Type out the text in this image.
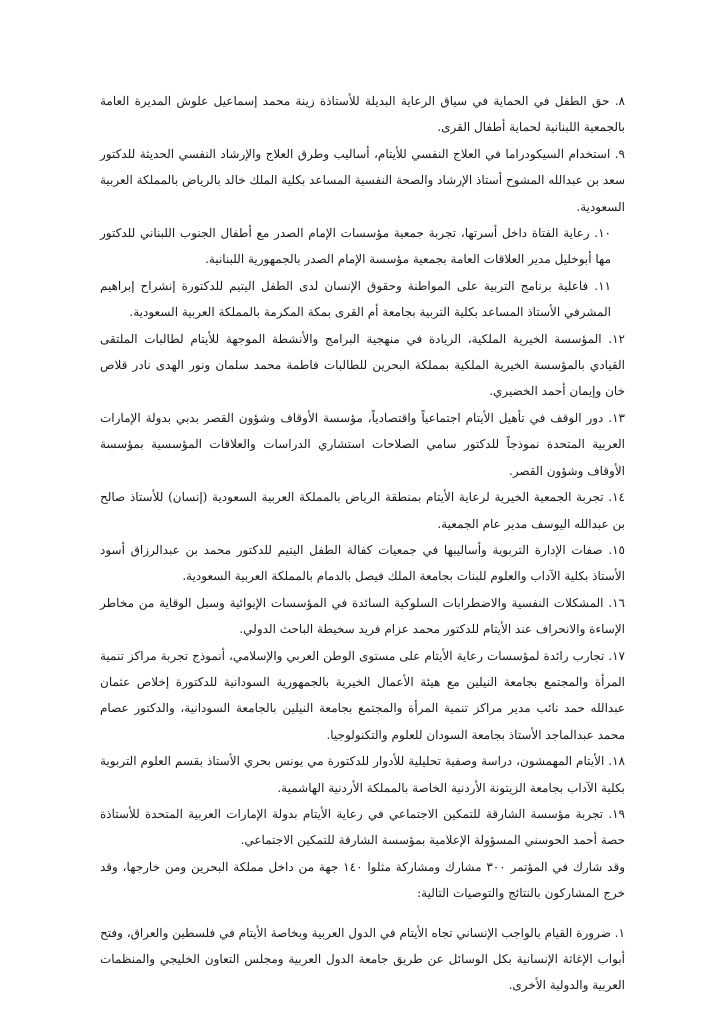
٨. حق الطفل في الحماية في سياق الرعاية البديلة للأستاذة زينة محمد إسماعيل علوش المديرة العامة بالجمعية اللبنانية لحماية أطفال القرى.

٩. استخدام السيكودراما في العلاج النفسي للأيتام، أساليب وطرق العلاج والإرشاد النفسي الحديثة للدكتور سعد بن عبدالله المشوح أستاذ الإرشاد والصحة النفسية المساعد بكلية الملك خالد بالرياض بالمملكة العربية السعودية.

١٠. رعاية الفتاة داخل أسرتها، تجربة جمعية مؤسسات الإمام الصدر مع أطفال الجنوب اللبناني للدكتور مها أبوخليل مدير العلاقات العامة بجمعية مؤسسة الإمام الصدر بالجمهورية اللبنانية.

١١. فاعلية برنامج التربية على المواطنة وحقوق الإنسان لدى الطفل اليتيم للدكتورة إنشراح إبراهيم المشرفي الأستاذ المساعد بكلية التربية بجامعة أم القرى بمكة المكرمة بالمملكة العربية السعودية.

١٢. المؤسسة الخيرية الملكية، الريادة في منهجية البرامج والأنشطة الموجهة للأيتام لطالبات الملتقى القيادي بالمؤسسة الخيرية الملكية بمملكة البحرين للطالبات فاطمة محمد سلمان ونور الهدى نادر قلاص خان وإيمان أحمد الخضيري.

١٣. دور الوقف في تأهيل الأيتام اجتماعياً واقتصادياً، مؤسسة الأوقاف وشؤون القصر بدبي بدولة الإمارات العربية المتحدة نموذجاً للدكتور سامي الصلاحات استشاري الدراسات والعلاقات المؤسسية بمؤسسة الأوقاف وشؤون القصر.

١٤. تجربة الجمعية الخيرية لرعاية الأيتام بمنطقة الرياض بالمملكة العربية السعودية (إنسان) للأستاذ صالح بن عبدالله اليوسف مدير عام الجمعية.

١٥. صفات الإدارة التربوية وأساليبها في جمعيات كفالة الطفل اليتيم للدكتور محمد بن عبدالرزاق أسود الأستاذ بكلية الآداب والعلوم للبنات بجامعة الملك فيصل بالدمام بالمملكة العربية السعودية.

١٦. المشكلات النفسية والاضطرابات السلوكية السائدة في المؤسسات الإيوائية وسبل الوقاية من مخاطر الإساءة والانحراف عند الأيتام للدكتور محمد عزام فريد سخيطة الباحث الدولي.

١٧. تجارب رائدة لمؤسسات رعاية الأيتام على مستوى الوطن العربي والإسلامي، أنموذج تجربة مراكز تنمية المرأة والمجتمع بجامعة النيلين مع هيئة الأعمال الخيرية بالجمهورية السودانية للدكتورة إخلاص عثمان عبدالله حمد نائب مدير مراكز تنمية المرأة والمجتمع بجامعة النيلين بالجامعة السودانية، والدكتور عصام محمد عبدالماجد الأستاذ بجامعة السودان للعلوم والتكنولوجيا.

١٨. الأيتام المهمشون، دراسة وصفية تحليلية للأدوار للدكتورة مي يونس بحري الأستاذ بقسم العلوم التربوية بكلية الآداب بجامعة الزيتونة الأردنية الخاصة بالمملكة الأردنية الهاشمية.

١٩. تجربة مؤسسة الشارقة للتمكين الاجتماعي في رعاية الأيتام بدولة الإمارات العربية المتحدة للأستاذة حصة أحمد الحوسني المسؤولة الإعلامية بمؤسسة الشارقة للتمكين الاجتماعي.

وقد شارك في المؤتمر ٣٠٠ مشارك ومشاركة مثلوا ١٤٠ جهة من داخل مملكة البحرين ومن خارجها، وقد خرج المشاركون بالنتائج والتوصيات التالية:

١. ضرورة القيام بالواجب الإنساني تجاه الأيتام في الدول العربية وبخاصة الأيتام في فلسطين والعراق، وفتح أبواب الإغاثة الإنسانية بكل الوسائل عن طريق جامعة الدول العربية ومجلس التعاون الخليجي والمنظمات العربية والدولية الأخرى.
